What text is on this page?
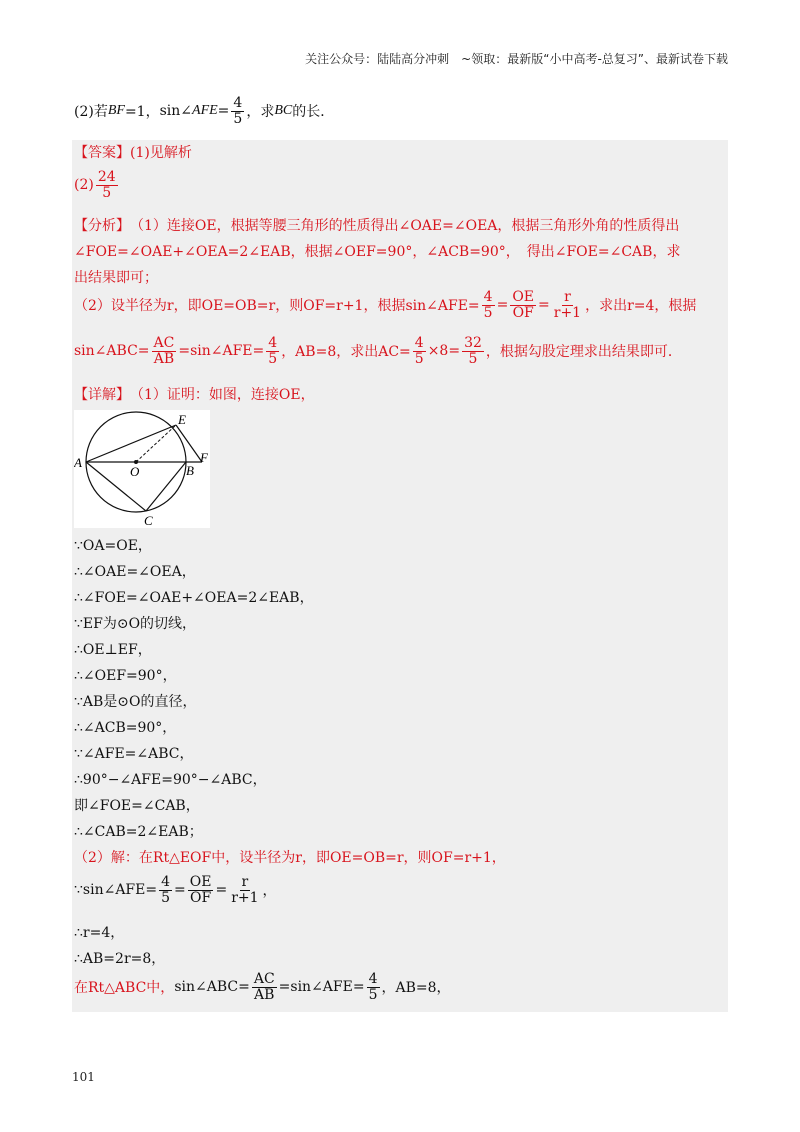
关注公众号：陆陆高分冲刺　~领取：最新版“小中高考-总复习”、最新试卷下载
(2)若 BF =1， sin∠ AFE = $\frac{4}{5}$ ，求 BC 的长．
【答案】 (1)见解析
$(2) \frac{24}{5}$
【分析】 （1）连接OE，根据等腰三角形的性质得出∠OAE=∠OEA，根据三角形外角的性质得出
∠FOE=∠OAE+∠OEA=2∠EAB，根据∠OEF=90°，∠ACB=90°，　得出∠FOE=∠CAB，求
出结果即可；
（2）设半径为r，即OE=OB=r，则OF=r+1，根据sin∠AFE= $\frac{4}{5} = \frac{OE}{OF} = \frac{r}{r+1}$ ，求出r=4，根据
sin∠ABC= $\frac{AC}{AB}$ =sin∠AFE= $\frac{4}{5}$ ，AB=8，求出$AC= \frac{4}{5} \times 8= \frac{32}{5}$ ，根据勾股定理求出结果即可．
【详解】 （1）证明：如图，连接OE，
A
E
O	B
F
C
∵OA=OE，
∴∠OAE=∠OEA，
∴∠FOE=∠OAE+∠OEA=2∠EAB，
∵EF为⊙O的切线，
∴OE⊥EF，
∴∠OEF=90°，
∵AB是⊙O的直径，
∴∠ACB=90°，
∵∠AFE=∠ABC，
∴90°−∠AFE=90°−∠ABC，
即∠FOE=∠CAB，
∴∠CAB=2∠EAB；
（2）解：在Rt△EOF中，设半径为r，即OE=OB=r，则OF=r+1，
∵sin∠AFE= $\frac{4}{5} = \frac{OE}{OF} = \frac{r}{r+1}$ ，
∴r=4，
∴AB=2r=8，
在Rt△ABC中， sin∠ABC= $\frac{AC}{AB}$ =sin∠AFE= $\frac{4}{5}$ ，AB=8，
101
